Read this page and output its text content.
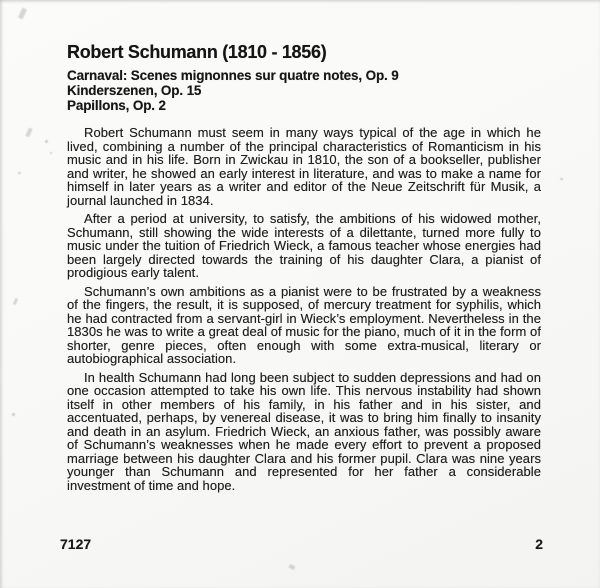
Robert Schumann (1810 - 1856)
Carnaval: Scenes mignonnes sur quatre notes, Op. 9
Kinderszenen, Op. 15
Papillons, Op. 2

Robert Schumann must seem in many ways typical of the age in which he lived, combining a number of the principal characteristics of Romanticism in his music and in his life. Born in Zwickau in 1810, the son of a bookseller, publisher and writer, he showed an early interest in literature, and was to make a name for himself in later years as a writer and editor of the Neue Zeitschrift für Musik, a journal launched in 1834.

After a period at university, to satisfy, the ambitions of his widowed mother, Schumann, still showing the wide interests of a dilettante, turned more fully to music under the tuition of Friedrich Wieck, a famous teacher whose energies had been largely directed towards the training of his daughter Clara, a pianist of prodigious early talent.

Schumann’s own ambitions as a pianist were to be frustrated by a weakness of the fingers, the result, it is supposed, of mercury treatment for syphilis, which he had contracted from a servant-girl in Wieck’s employment. Nevertheless in the 1830s he was to write a great deal of music for the piano, much of it in the form of shorter, genre pieces, often enough with some extra-musical, literary or autobiographical association.

In health Schumann had long been subject to sudden depressions and had on one occasion attempted to take his own life. This nervous instability had shown itself in other members of his family, in his father and in his sister, and accentuated, perhaps, by venereal disease, it was to bring him finally to insanity and death in an asylum. Friedrich Wieck, an anxious father, was possibly aware of Schumann’s weaknesses when he made every effort to prevent a proposed marriage between his daughter Clara and his former pupil. Clara was nine years younger than Schumann and represented for her father a considerable investment of time and hope.

7127	2
